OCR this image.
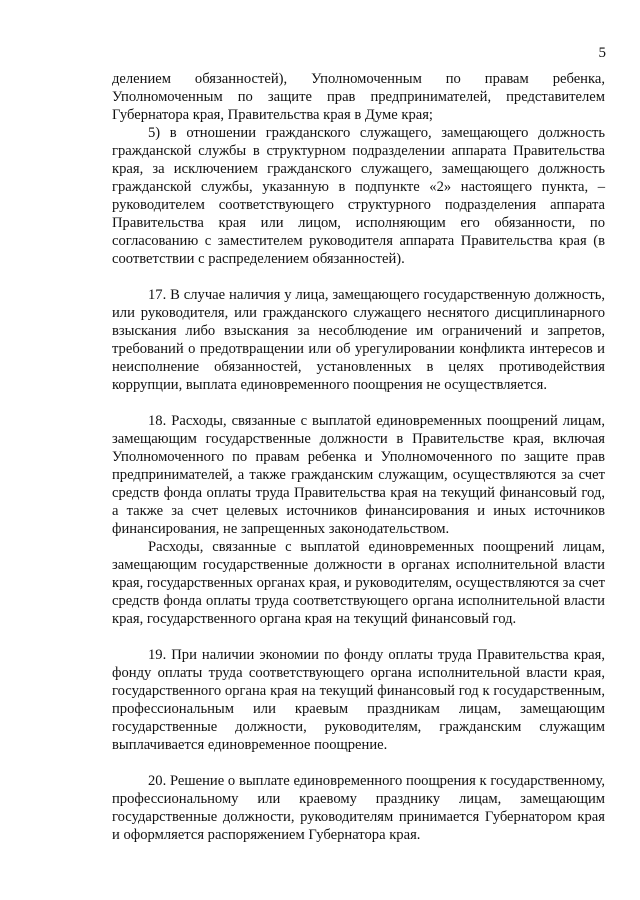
5

делением обязанностей), Уполномоченным по правам ребенка, Уполномоченным по защите прав предпринимателей, представителем Губернатора края, Правительства края в Думе края;

5) в отношении гражданского служащего, замещающего должность гражданской службы в структурном подразделении аппарата Правительства края, за исключением гражданского служащего, замещающего должность гражданской службы, указанную в подпункте «2» настоящего пункта, – руководителем соответствующего структурного подразделения аппарата Правительства края или лицом, исполняющим его обязанности, по согласованию с заместителем руководителя аппарата Правительства края (в соответствии с распределением обязанностей).

17. В случае наличия у лица, замещающего государственную должность, или руководителя, или гражданского служащего неснятого дисциплинарного взыскания либо взыскания за несоблюдение им ограничений и запретов, требований о предотвращении или об урегулировании конфликта интересов и неисполнение обязанностей, установленных в целях противодействия коррупции, выплата единовременного поощрения не осуществляется.

18. Расходы, связанные с выплатой единовременных поощрений лицам, замещающим государственные должности в Правительстве края, включая Уполномоченного по правам ребенка и Уполномоченного по защите прав предпринимателей, а также гражданским служащим, осуществляются за счет средств фонда оплаты труда Правительства края на текущий финансовый год, а также за счет целевых источников финансирования и иных источников финансирования, не запрещенных законодательством.

Расходы, связанные с выплатой единовременных поощрений лицам, замещающим государственные должности в органах исполнительной власти края, государственных органах края, и руководителям, осуществляются за счет средств фонда оплаты труда соответствующего органа исполнительной власти края, государственного органа края на текущий финансовый год.

19. При наличии экономии по фонду оплаты труда Правительства края, фонду оплаты труда соответствующего органа исполнительной власти края, государственного органа края на текущий финансовый год к государственным, профессиональным или краевым праздникам лицам, замещающим государственные должности, руководителям, гражданским служащим выплачивается единовременное поощрение.

20. Решение о выплате единовременного поощрения к государственному, профессиональному или краевому празднику лицам, замещающим государственные должности, руководителям принимается Губернатором края и оформляется распоряжением Губернатора края.
